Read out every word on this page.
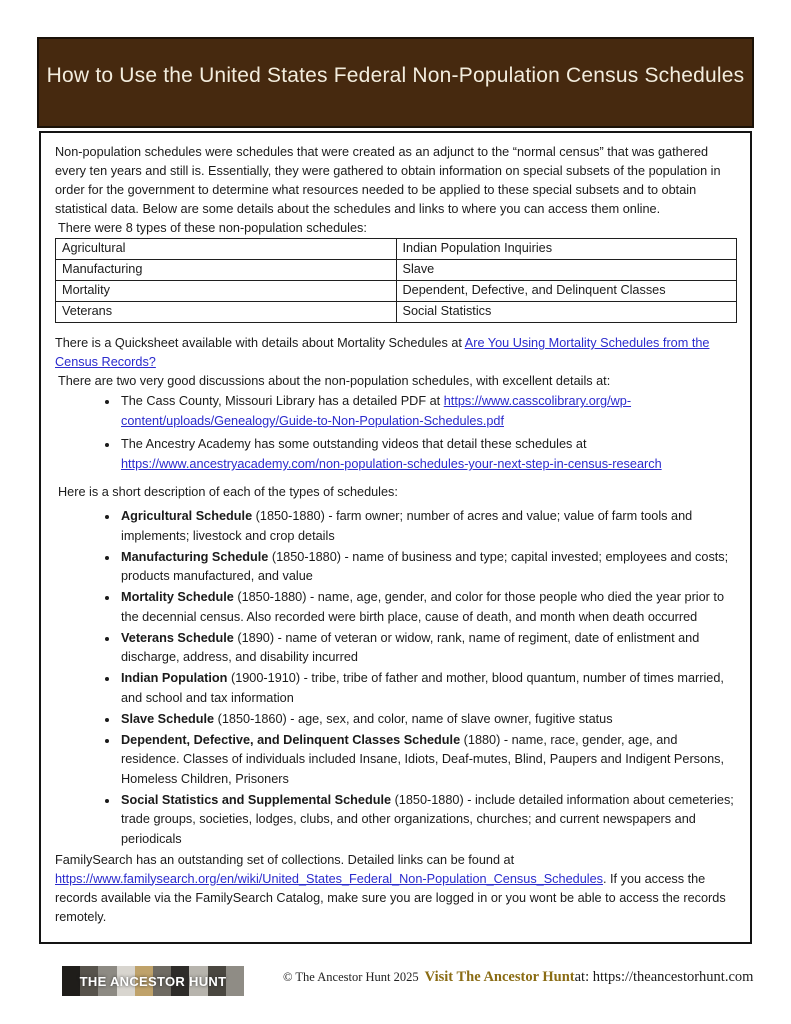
How to Use the United States Federal Non-Population Census Schedules

Non-population schedules were schedules that were created as an adjunct to the “normal census” that was gathered every ten years and still is. Essentially, they were gathered to obtain information on special subsets of the population in order for the government to determine what resources needed to be applied to these special subsets and to obtain statistical data. Below are some details about the schedules and links to where you can access them online.

There were 8 types of these non-population schedules:

Agricultural	Indian Population Inquiries
Manufacturing	Slave
Mortality	Dependent, Defective, and Delinquent Classes
Veterans	Social Statistics

There is a Quicksheet available with details about Mortality Schedules at Are You Using Mortality Schedules from the Census Records?

There are two very good discussions about the non-population schedules, with excellent details at:

• The Cass County, Missouri Library has a detailed PDF at https://www.casscolibrary.org/wp-content/uploads/Genealogy/Guide-to-Non-Population-Schedules.pdf
• The Ancestry Academy has some outstanding videos that detail these schedules at https://www.ancestryacademy.com/non-population-schedules-your-next-step-in-census-research

Here is a short description of each of the types of schedules:

• Agricultural Schedule (1850-1880) - farm owner; number of acres and value; value of farm tools and implements; livestock and crop details
• Manufacturing Schedule (1850-1880) - name of business and type; capital invested; employees and costs; products manufactured, and value
• Mortality Schedule (1850-1880) - name, age, gender, and color for those people who died the year prior to the decennial census. Also recorded were birth place, cause of death, and month when death occurred
• Veterans Schedule (1890) - name of veteran or widow, rank, name of regiment, date of enlistment and discharge, address, and disability incurred
• Indian Population (1900-1910) - tribe, tribe of father and mother, blood quantum, number of times married, and school and tax information
• Slave Schedule (1850-1860) - age, sex, and color, name of slave owner, fugitive status
• Dependent, Defective, and Delinquent Classes Schedule (1880) - name, race, gender, age, and residence. Classes of individuals included Insane, Idiots, Deaf-mutes, Blind, Paupers and Indigent Persons, Homeless Children, Prisoners
• Social Statistics and Supplemental Schedule (1850-1880) - include detailed information about cemeteries; trade groups, societies, lodges, clubs, and other organizations, churches; and current newspapers and periodicals

FamilySearch has an outstanding set of collections. Detailed links can be found at https://www.familysearch.org/en/wiki/United_States_Federal_Non-Population_Census_Schedules. If you access the records available via the FamilySearch Catalog, make sure you are logged in or you wont be able to access the records remotely.

THE ANCESTOR HUNT	© The Ancestor Hunt 2025 Visit The Ancestor Hunt at: https://theancestorhunt.com
